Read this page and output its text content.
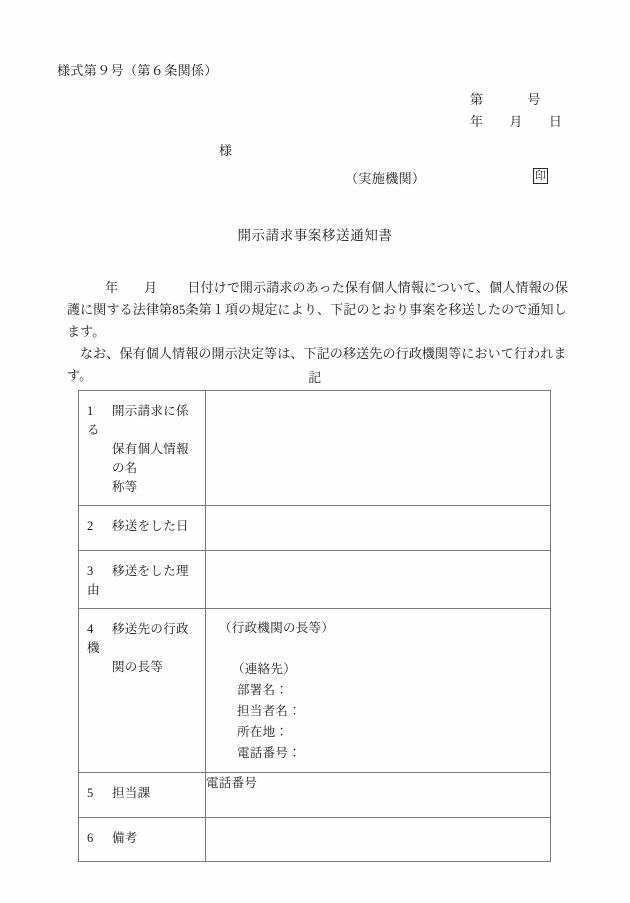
様式第９号（第６条関係）
第	号
年 月 日
様
（実施機関）	印
開示請求事案移送通知書

年 月 日付けで開示請求のあった保有個人情報について、個人情報の保護に関する法律第85条第１項の規定により、下記のとおり事案を移送したので通知します。

なお、保有個人情報の開示決定等は、下記の移送先の行政機関等において行われます。	記
1 開示請求に係る
保有個人情報の名
称等	

2 移送をした日	

3 移送をした理由	

4 移送先の行政機
関の長等

（行政機関の長等）
（連絡先）
部署名：
担当者名：
所在地：
電話番号：

5 担当課	電話番号

6 備考	
